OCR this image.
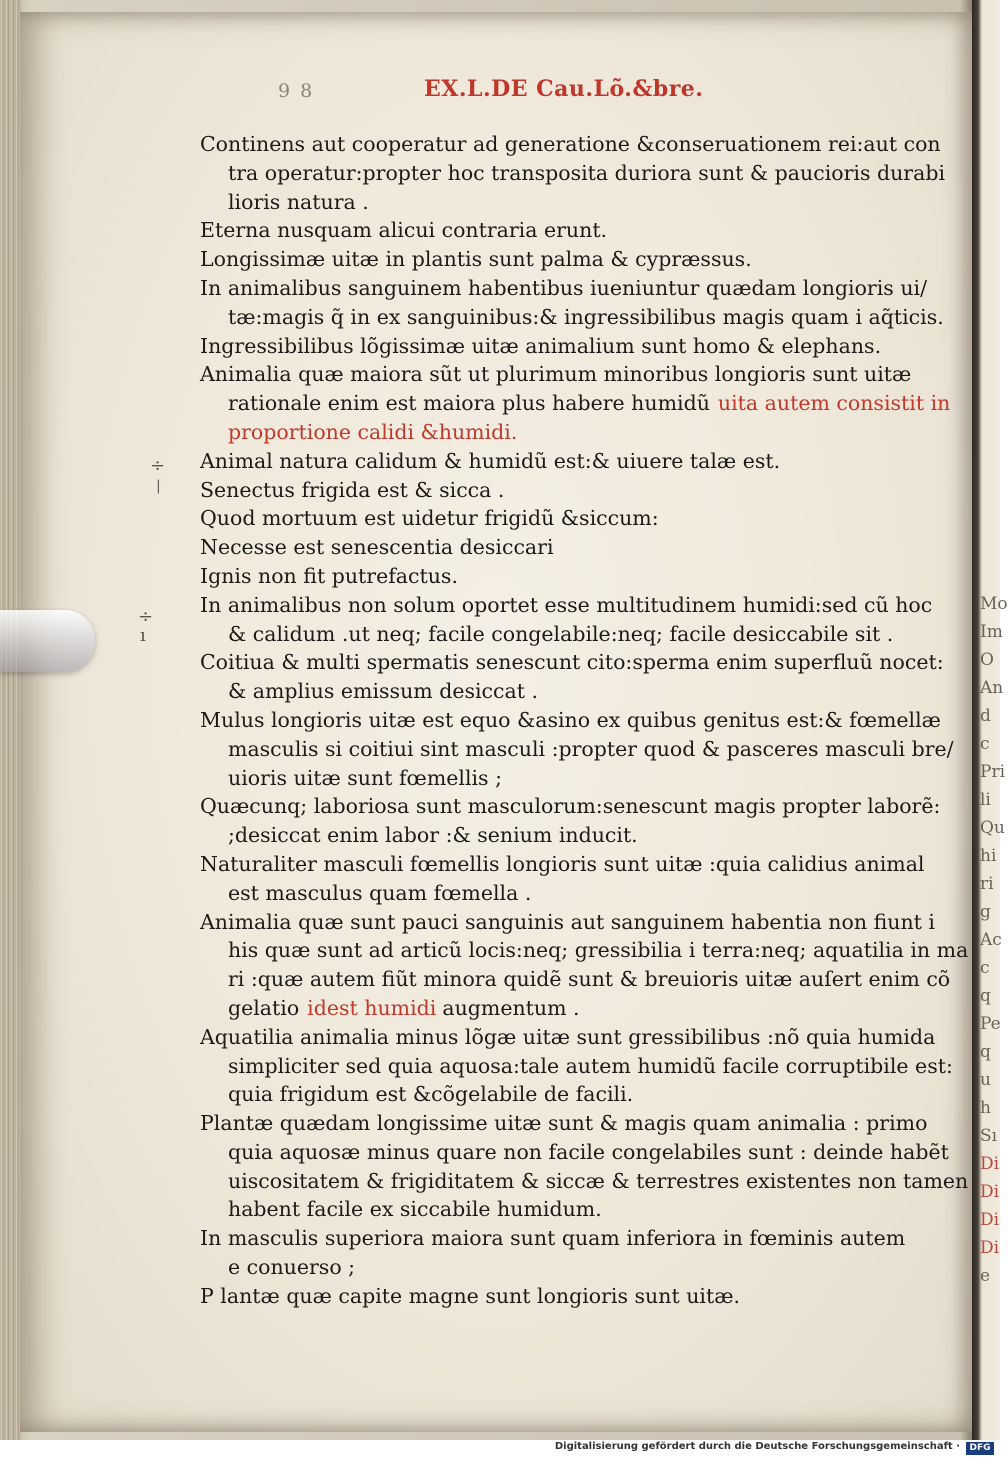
Mo
Im
O
An
d
c
Pri
li
Qu
hi
ri
g
Ac
c
q
Pe
q
u
h
Sı
Di
Di
Di
Di
e
9 8	EX.L.DE Cau.Lõ.&bre.
Continens aut cooperatur ad generatione &conseruationem rei:aut con
tra operatur:propter hoc transposita duriora sunt & paucioris durabi
lioris natura .
Eterna nusquam alicui contraria erunt.
Longissimæ uitæ in plantis sunt palma & cypræssus.
In animalibus sanguinem habentibus iueniuntur quædam longioris ui/
tæ:magis q̃ in ex sanguinibus:& ingressibilibus magis quam i aq̃ticis.
Ingressibilibus lõgissimæ uitæ animalium sunt homo & elephans.
Animalia quæ maiora sũt ut plurimum minoribus longioris sunt uitæ
rationale enim est maiora plus habere humidũ uita autem consistit in
proportione calidi &humidi.
Animal natura calidum & humidũ est:& uiuere talæ est.
Senectus frigida est & sicca .
Quod mortuum est uidetur frigidũ &siccum:
Necesse est senescentia desiccari
Ignis non fit putrefactus.
In animalibus non solum oportet esse multitudinem humidi:sed cũ hoc
& calidum .ut neq; facile congelabile:neq; facile desiccabile sit .
Coitiua & multi spermatis senescunt cito:sperma enim superfluũ nocet:
& amplius emissum desiccat .
Mulus longioris uitæ est equo &asino ex quibus genitus est:& fœmellæ
masculis si coitiui sint masculi :propter quod & pasceres masculi bre/
uioris uitæ sunt fœmellis ;
Quæcunq; laboriosa sunt masculorum:senescunt magis propter laborẽ:
;desiccat enim labor :& senium inducit.
Naturaliter masculi fœmellis longioris sunt uitæ :quia calidius animal
est masculus quam fœmella .
Animalia quæ sunt pauci sanguinis aut sanguinem habentia non fiunt i
his quæ sunt ad articũ locis:neq; gressibilia i terra:neq; aquatilia in ma
ri :quæ autem fiũt minora quidẽ sunt & breuioris uitæ auſert enim cõ
gelatio idest humidi augmentum .
Aquatilia animalia minus lõgæ uitæ sunt gressibilibus :nõ quia humida
simpliciter sed quia aquosa:tale autem humidũ facile corruptibile est:
quia frigidum est &cõgelabile de facili.
Plantæ quædam longissime uitæ sunt & magis quam animalia : primo
quia aquosæ minus quare non facile congelabiles sunt : deinde habẽt
uiscositatem & frigiditatem & siccæ & terrestres existentes non tamen
habent facile ex siccabile humidum.
In masculis superiora maiora sunt quam inferiora in fœminis autem
e conuerso ;
P lantæ quæ capite magne sunt longioris sunt uitæ.
÷
|
÷
ı
Digitalisierung gefördert durch die Deutsche Forschungsgemeinschaft ·	DFG
